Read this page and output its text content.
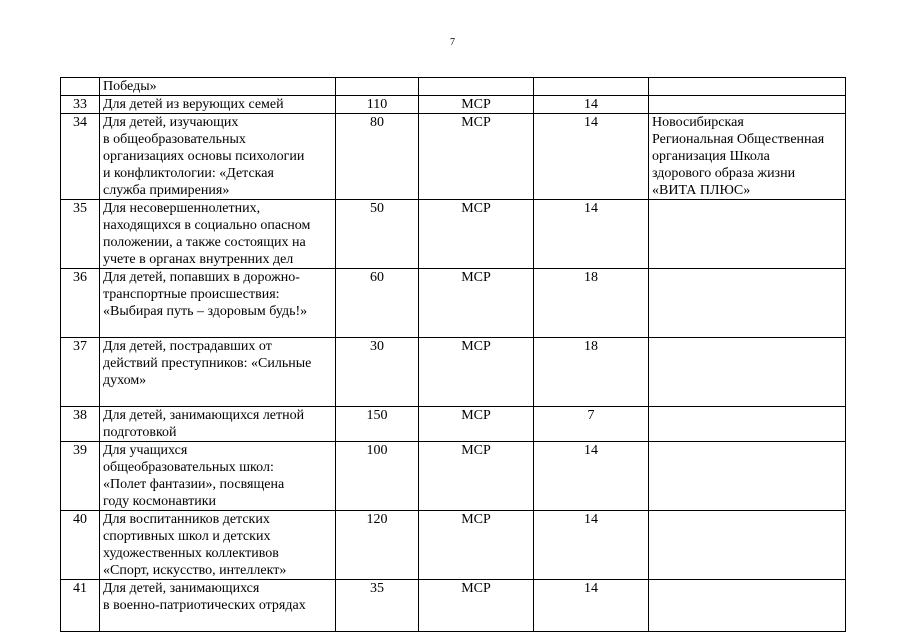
7
	Победы»				
33	Для детей из верующих семей	110	МСР	14	
34	Для детей, изучающих
в общеобразовательных
организациях основы психологии
и конфликтологии: «Детская
служба примирения»	80	МСР	14	Новосибирская
Региональная Общественная
организация Школа
здорового образа жизни
«ВИТА ПЛЮС»
35	Для несовершеннолетних,
находящихся в социально опасном
положении, а также состоящих на
учете в органах внутренних дел	50	МСР	14	
36	Для детей, попавших в дорожно-
транспортные происшествия:
«Выбирая путь – здоровым будь!»	60	МСР	18	
37	Для детей, пострадавших от
действий преступников: «Сильные
духом»	30	МСР	18	
38	Для детей, занимающихся летной
подготовкой	150	МСР	7	
39	Для учащихся
общеобразовательных школ:
«Полет фантазии», посвящена
году космонавтики	100	МСР	14	
40	Для воспитанников детских
спортивных школ и детских
художественных коллективов
«Спорт, искусство, интеллект»	120	МСР	14	
41	Для детей, занимающихся
в военно-патриотических отрядах	35	МСР	14	
